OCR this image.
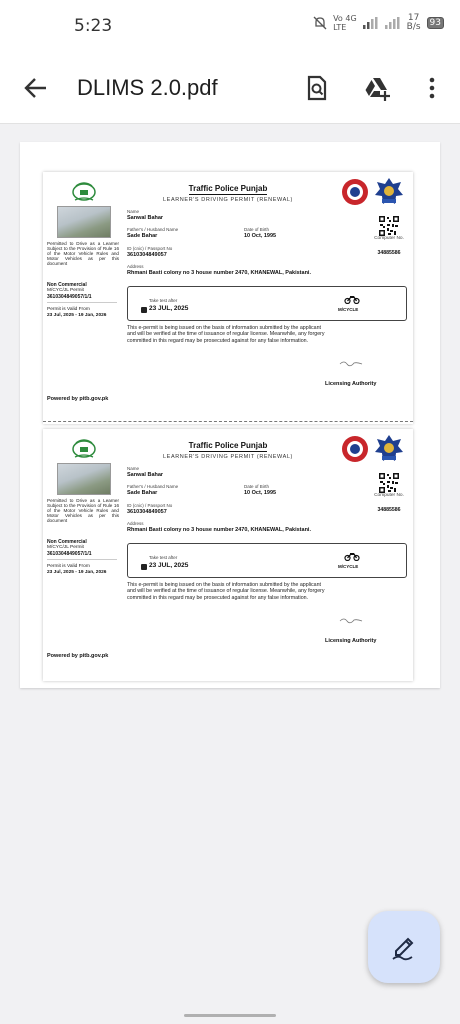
5:23	Vo 4G
LTE
17
B/s	93
DLIMS 2.0.pdf
Traffic Police Punjab
LEARNER'S DRIVING PERMIT (RENEWAL)
Permitted to Drive as a Learner Subject to the Provision of Rule 16 of the Motor Vehicle Rules and Motor Vehicles as per this document
Non Commercial
M/CYC/JL Permit
3610304849057/1/1
Permit is Valid From
23 Jul, 2025 - 19 Jan, 2026
Powered by pitb.gov.pk
Name
Sanwal Bahar
Father's / Husband Name
Sade Bahar
Date of Birth
10 Oct, 1995
ID (cnic) / Passport No
3610304849057
Address
Rhmani Basti colony no 3 house number 2470, KHANEWAL, Pakistani.
Computer No.
34885586
Take test after
23 JUL, 2025	M/CYCLE
This e-permit is being issued on the basis of information submitted by the applicant and will be verified at the time of issuance of regular license. Meanwhile, any forgery committed in this regard may be prosecuted against for any false information.
Licensing Authority
Traffic Police Punjab
LEARNER'S DRIVING PERMIT (RENEWAL)
Permitted to Drive as a Learner Subject to the Provision of Rule 16 of the Motor Vehicle Rules and Motor Vehicles as per this document
Non Commercial
M/CYC/JL Permit
3610304849057/1/1
Permit is Valid From
23 Jul, 2025 - 19 Jan, 2026
Powered by pitb.gov.pk
Name
Sanwal Bahar
Father's / Husband Name
Sade Bahar
Date of Birth
10 Oct, 1995
ID (cnic) / Passport No
3610304849057
Address
Rhmani Basti colony no 3 house number 2470, KHANEWAL, Pakistani.
Computer No.
34885586
Take test after
23 JUL, 2025	M/CYCLE
This e-permit is being issued on the basis of information submitted by the applicant and will be verified at the time of issuance of regular license. Meanwhile, any forgery committed in this regard may be prosecuted against for any false information.
Licensing Authority
